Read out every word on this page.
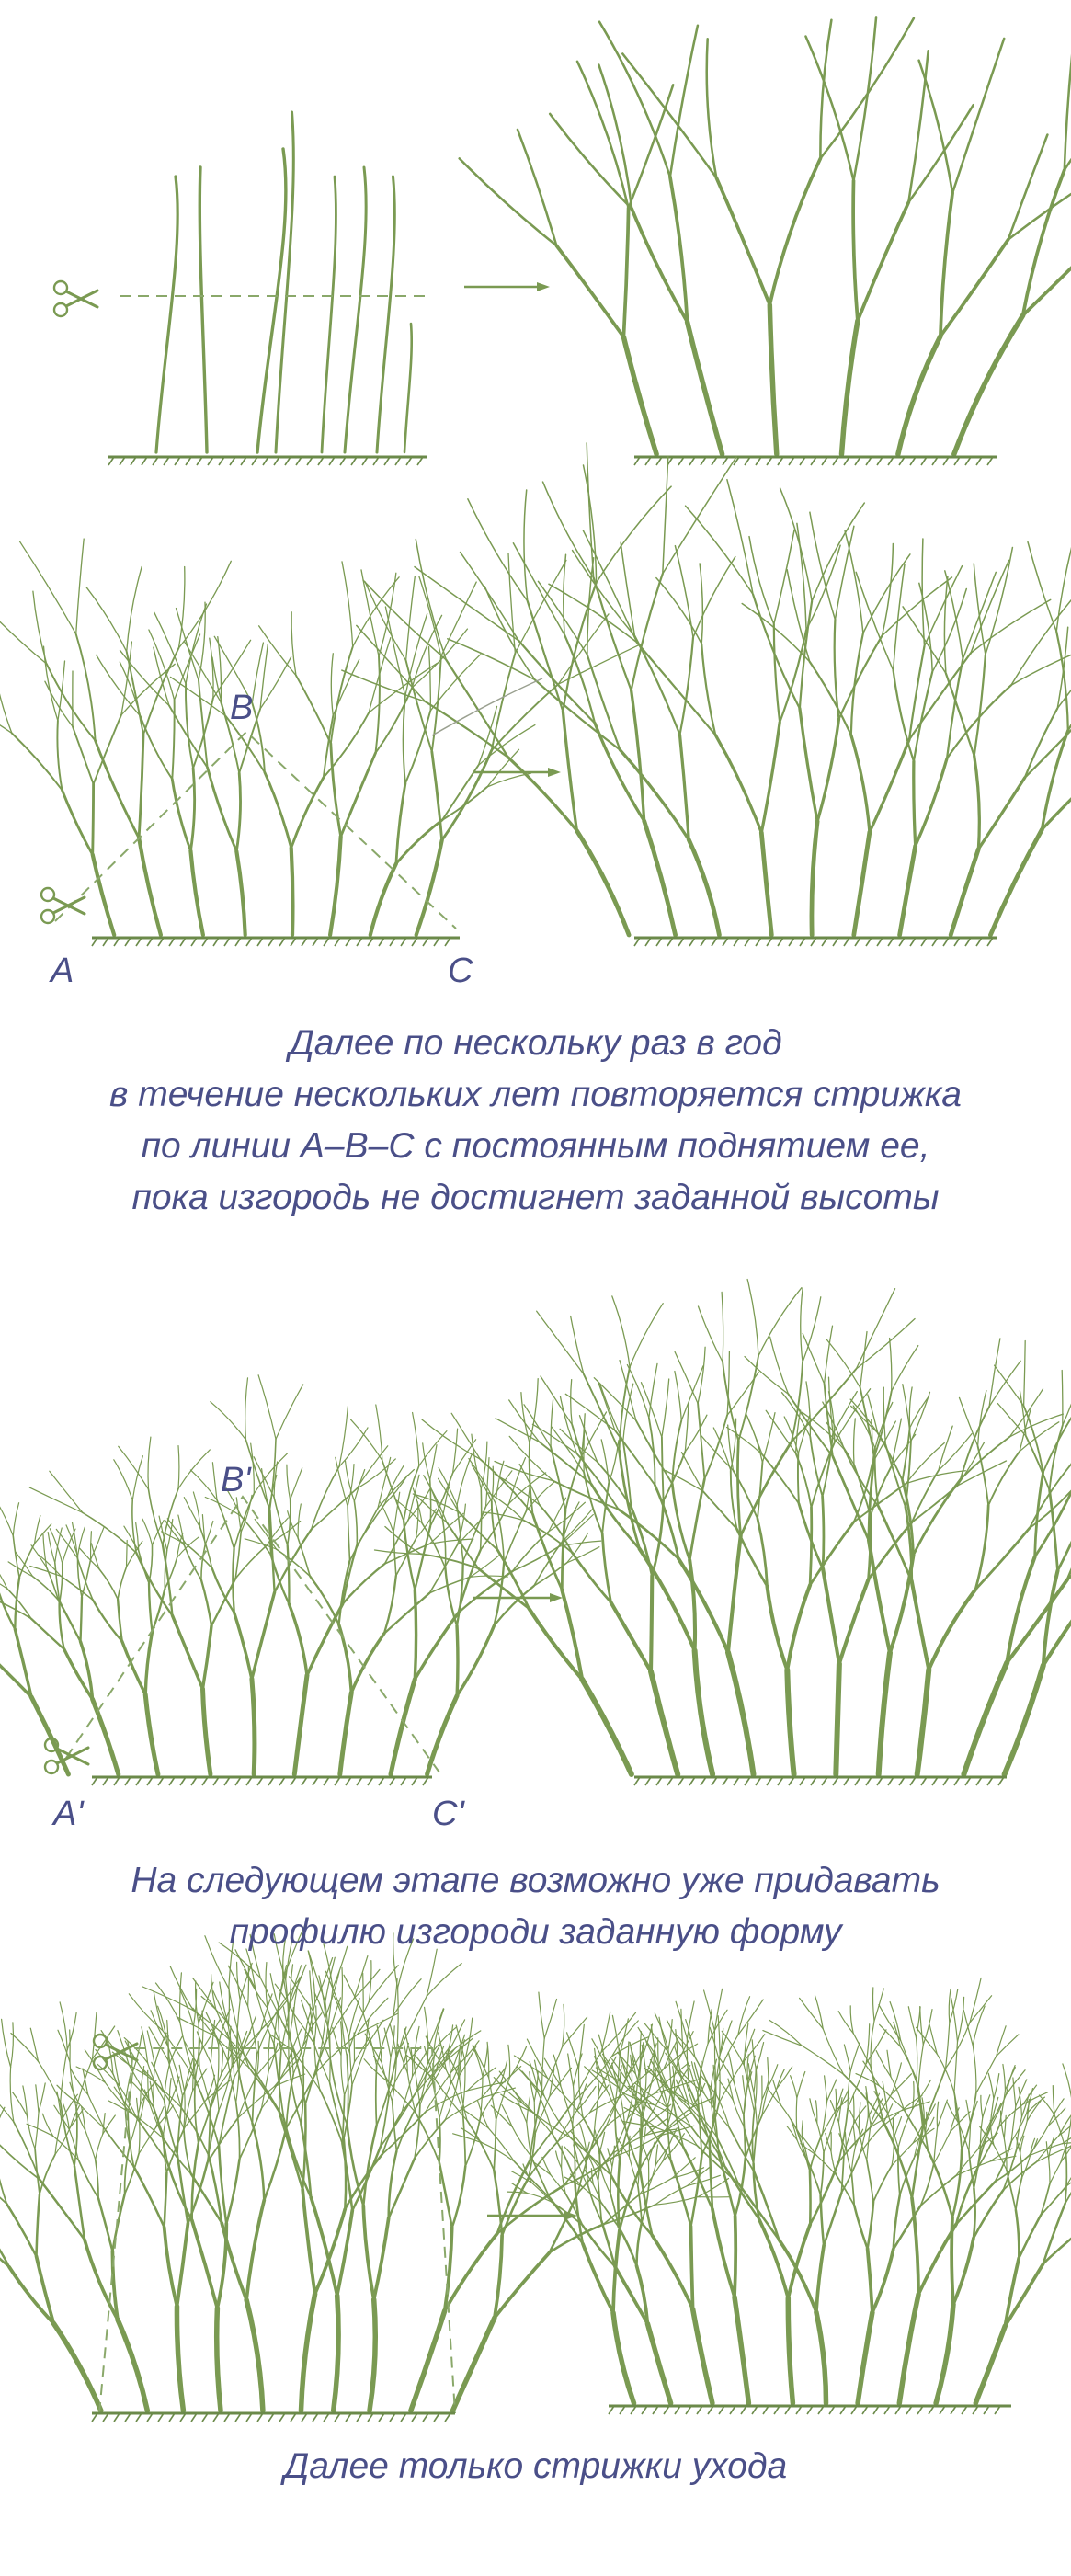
A
B
C
A'
B'
C'
Далее по нескольку раз в год
в течение нескольких лет повторяется стрижка
по линии А–В–С с постоянным поднятием ее,
пока изгородь не достигнет заданной высоты
На следующем этапе возможно уже придавать
профилю изгороди заданную форму
Далее только стрижки ухода
